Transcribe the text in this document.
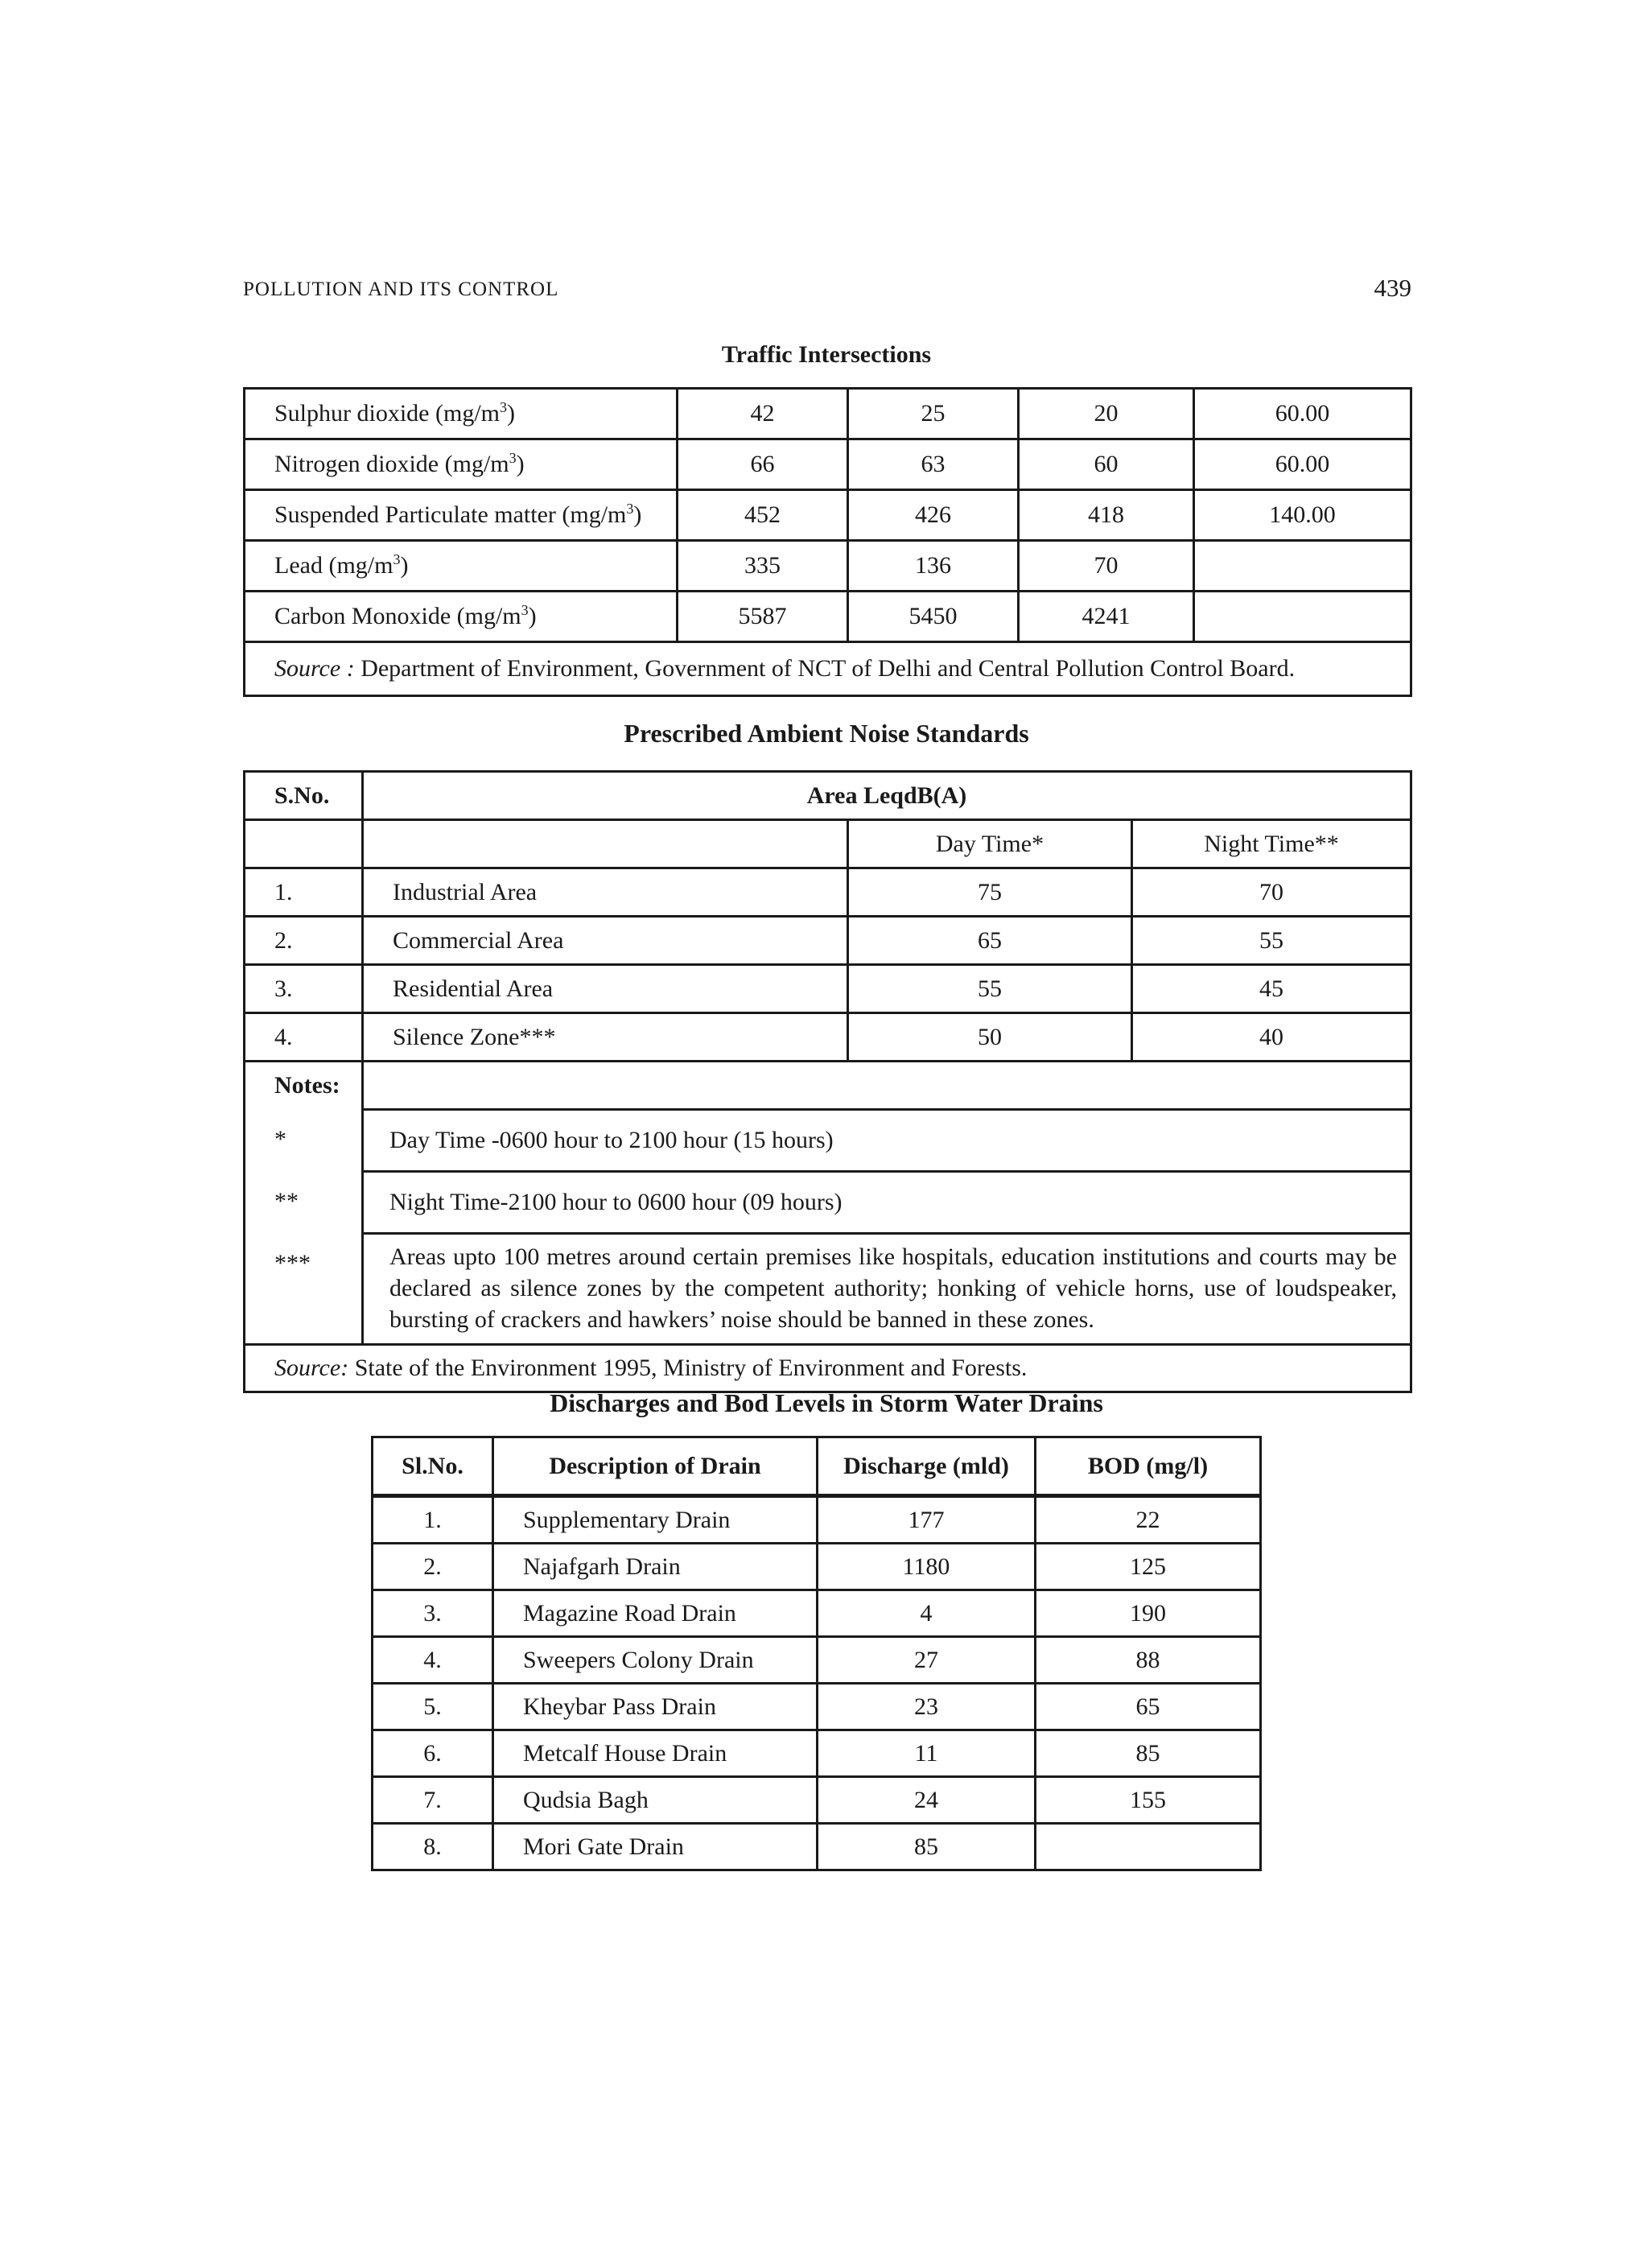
POLLUTION AND ITS CONTROL	439
Traffic Intersections
Sulphur dioxide $(mg/m^3)$	42	25	20	60.00
Nitrogen dioxide $(mg/m^3)$	66	63	60	60.00
Suspended Particulate matter $(mg/m^3)$	452	426	418	140.00
Lead $(mg/m^3)$	335	136	70	
Carbon Monoxide $(mg/m^3)$	5587	5450	4241	
Source : Department of Environment, Government of NCT of Delhi and Central Pollution Control Board.				
Prescribed Ambient Noise Standards
S.No.	Area LeqdB(A)		
		Day Time*	Night Time**
1.	Industrial Area	75	70
2.	Commercial Area	65	55
3.	Residential Area	55	45
4.	Silence Zone***	50	40
Notes:			
*	Day Time -0600 hour to 2100 hour (15 hours)		
**	Night Time-2100 hour to 0600 hour (09 hours)		
***	Areas upto 100 metres around certain premises like hospitals, education institutions and courts may be declared as silence zones by the competent authority; honking of vehicle horns, use of loudspeaker, bursting of crackers and hawkers’ noise should be banned in these zones.		
Source: State of the Environment 1995, Ministry of Environment and Forests.			
Discharges and Bod Levels in Storm Water Drains
Sl.No.	Description of Drain	Discharge (mld)	BOD (mg/l)
1.	Supplementary Drain	177	22
2.	Najafgarh Drain	1180	125
3.	Magazine Road Drain	4	190
4.	Sweepers Colony Drain	27	88
5.	Kheybar Pass Drain	23	65
6.	Metcalf House Drain	11	85
7.	Qudsia Bagh	24	155
8.	Mori Gate Drain	85	
